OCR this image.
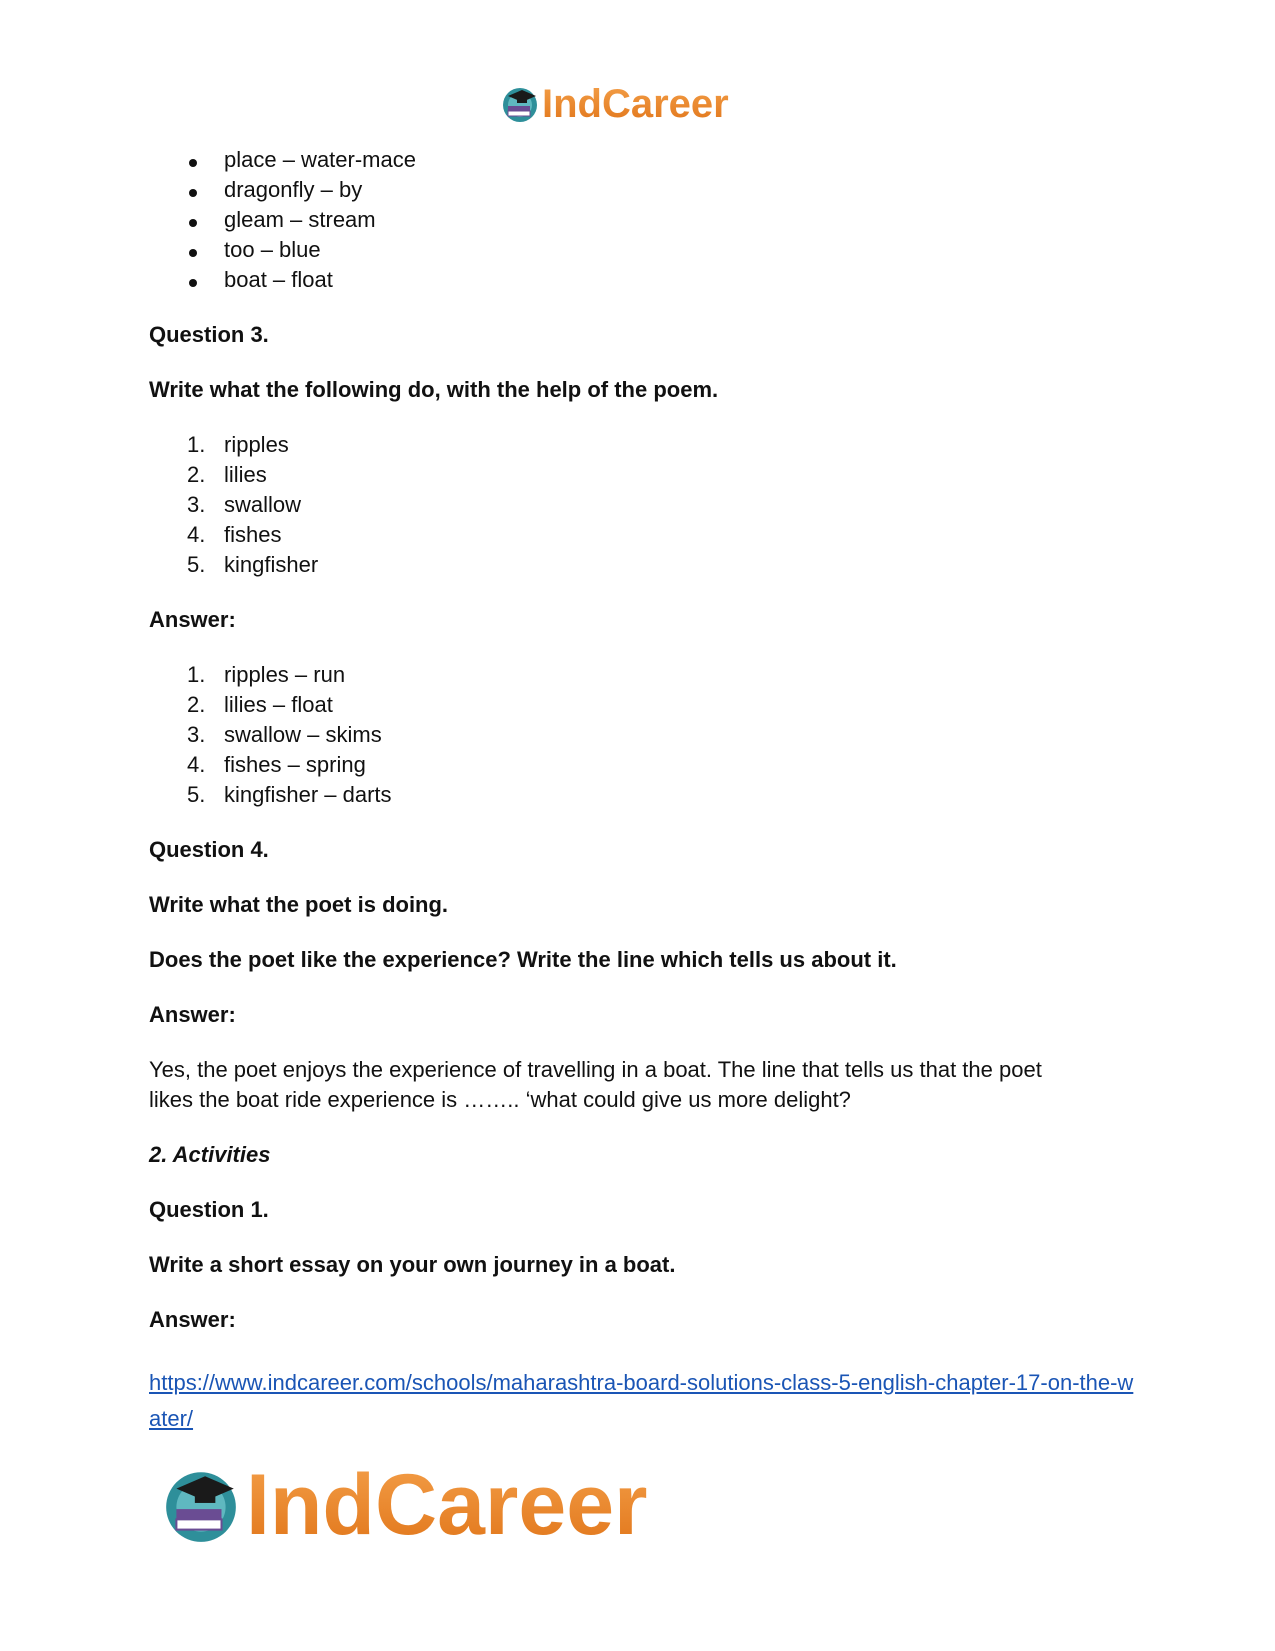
IndCareer
place – water-mace
dragonfly – by
gleam – stream
too – blue
boat – float

Question 3.

Write what the following do, with the help of the poem.

1. ripples
2. lilies
3. swallow
4. fishes
5. kingfisher

Answer:

1. ripples – run
2. lilies – float
3. swallow – skims
4. fishes – spring
5. kingfisher – darts

Question 4.

Write what the poet is doing.

Does the poet like the experience? Write the line which tells us about it.

Answer:

Yes, the poet enjoys the experience of travelling in a boat. The line that tells us that the poet likes the boat ride experience is …….. ‘what could give us more delight?

2. Activities

Question 1.

Write a short essay on your own journey in a boat.

Answer:

https://www.indcareer.com/schools/maharashtra-board-solutions-class-5-english-chapter-17-on-the-water/
IndCareer
